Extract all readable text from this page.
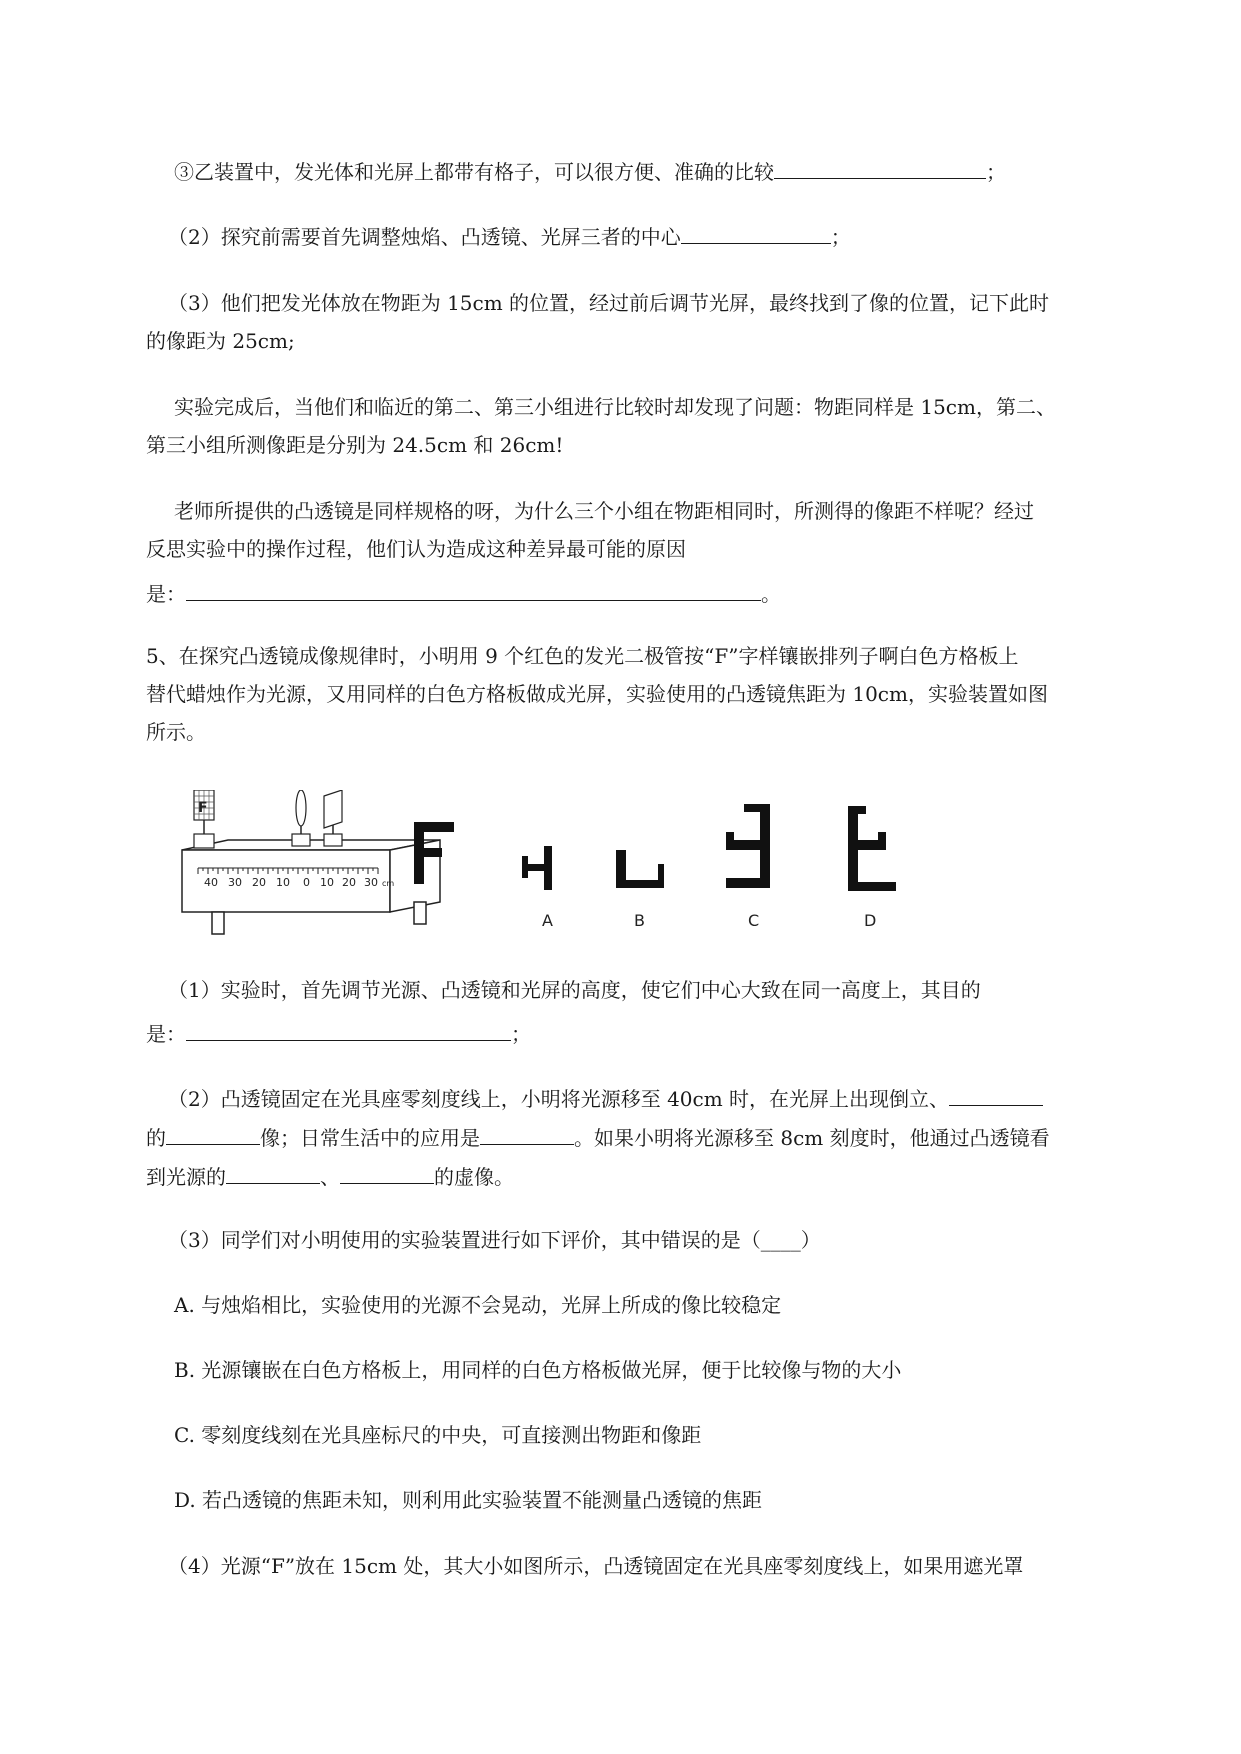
③乙装置中，发光体和光屏上都带有格子，可以很方便、准确的比较	；
（2）探究前需要首先调整烛焰、凸透镜、光屏三者的中心	；
（3）他们把发光体放在物距为 15cm 的位置，经过前后调节光屏，最终找到了像的位置，记下此时
的像距为 25cm;
实验完成后，当他们和临近的第二、第三小组进行比较时却发现了问题：物距同样是 15cm，第二、
第三小组所测像距是分别为 24.5cm 和 26cm!
老师所提供的凸透镜是同样规格的呀，为什么三个小组在物距相同时，所测得的像距不样呢？经过
反思实验中的操作过程，他们认为造成这种差异最可能的原因
是：	。
5、在探究凸透镜成像规律时，小明用 9 个红色的发光二极管按“F”字样镶嵌排列子啊白色方格板上
替代蜡烛作为光源，又用同样的白色方格板做成光屏，实验使用的凸透镜焦距为 10cm，实验装置如图
所示。
40 30 20 10 0 10 20 30 cm
F
A	B	C	D
（1）实验时，首先调节光源、凸透镜和光屏的高度，使它们中心大致在同一高度上，其目的
是：	；
（2）凸透镜固定在光具座零刻度线上，小明将光源移至 40cm 时，在光屏上出现倒立、
的	像；日常生活中的应用是	。如果小明将光源移至 8cm 刻度时，他通过凸透镜看
到光源的	、	的虚像。
（3）同学们对小明使用的实验装置进行如下评价，其中错误的是（____）
A. 与烛焰相比，实验使用的光源不会晃动，光屏上所成的像比较稳定
B. 光源镶嵌在白色方格板上，用同样的白色方格板做光屏，便于比较像与物的大小
C. 零刻度线刻在光具座标尺的中央，可直接测出物距和像距
D. 若凸透镜的焦距未知，则利用此实验装置不能测量凸透镜的焦距
（4）光源“F”放在 15cm 处，其大小如图所示，凸透镜固定在光具座零刻度线上，如果用遮光罩
